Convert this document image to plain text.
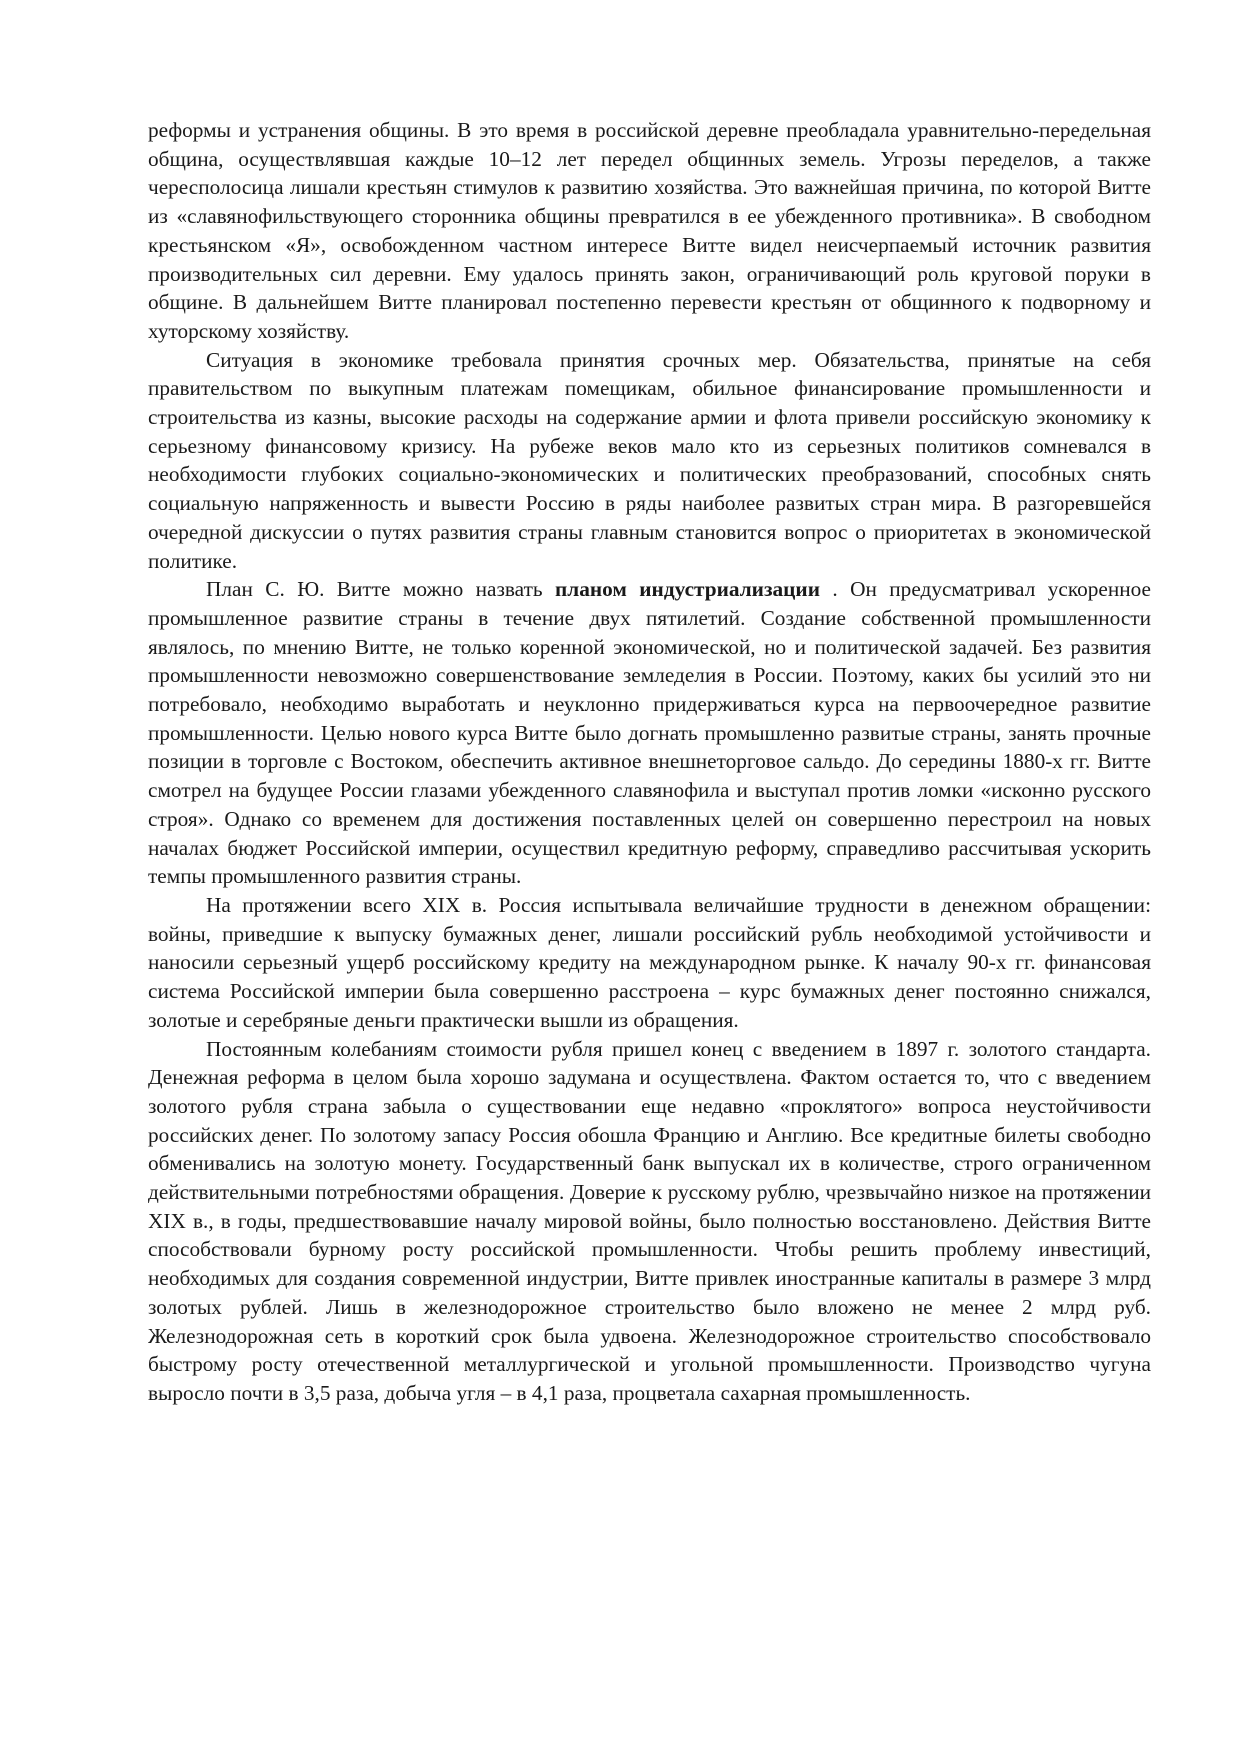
реформы и устранения общины. В это время в российской деревне преобладала уравнительно-передельная община, осуществлявшая каждые 10–12 лет передел общинных земель. Угрозы переделов, а также чересполосица лишали крестьян стимулов к развитию хозяйства. Это важнейшая причина, по которой Витте из «славянофильствующего сторонника общины превратился в ее убежденного противника». В свободном крестьянском «Я», освобожденном частном интересе Витте видел неисчерпаемый источник развития производительных сил деревни. Ему удалось принять закон, ограничивающий роль круговой поруки в общине. В дальнейшем Витте планировал постепенно перевести крестьян от общинного к подворному и хуторскому хозяйству.

Ситуация в экономике требовала принятия срочных мер. Обязательства, принятые на себя правительством по выкупным платежам помещикам, обильное финансирование промышленности и строительства из казны, высокие расходы на содержание армии и флота привели российскую экономику к серьезному финансовому кризису. На рубеже веков мало кто из серьезных политиков сомневался в необходимости глубоких социально-экономических и политических преобразований, способных снять социальную напряженность и вывести Россию в ряды наиболее развитых стран мира. В разгоревшейся очередной дискуссии о путях развития страны главным становится вопрос о приоритетах в экономической политике.

План С. Ю. Витте можно назвать планом индустриализации . Он предусматривал ускоренное промышленное развитие страны в течение двух пятилетий. Создание собственной промышленности являлось, по мнению Витте, не только коренной экономической, но и политической задачей. Без развития промышленности невозможно совершенствование земледелия в России. Поэтому, каких бы усилий это ни потребовало, необходимо выработать и неуклонно придерживаться курса на первоочередное развитие промышленности. Целью нового курса Витте было догнать промышленно развитые страны, занять прочные позиции в торговле с Востоком, обеспечить активное внешнеторговое сальдо. До середины 1880-х гг. Витте смотрел на будущее России глазами убежденного славянофила и выступал против ломки «исконно русского строя». Однако со временем для достижения поставленных целей он совершенно перестроил на новых началах бюджет Российской империи, осуществил кредитную реформу, справедливо рассчитывая ускорить темпы промышленного развития страны.

На протяжении всего XIX в. Россия испытывала величайшие трудности в денежном обращении: войны, приведшие к выпуску бумажных денег, лишали российский рубль необходимой устойчивости и наносили серьезный ущерб российскому кредиту на международном рынке. К началу 90-х гг. финансовая система Российской империи была совершенно расстроена – курс бумажных денег постоянно снижался, золотые и серебряные деньги практически вышли из обращения.

Постоянным колебаниям стоимости рубля пришел конец с введением в 1897 г. золотого стандарта. Денежная реформа в целом была хорошо задумана и осуществлена. Фактом остается то, что с введением золотого рубля страна забыла о существовании еще недавно «проклятого» вопроса неустойчивости российских денег. По золотому запасу Россия обошла Францию и Англию. Все кредитные билеты свободно обменивались на золотую монету. Государственный банк выпускал их в количестве, строго ограниченном действительными потребностями обращения. Доверие к русскому рублю, чрезвычайно низкое на протяжении XIX в., в годы, предшествовавшие началу мировой войны, было полностью восстановлено. Действия Витте способствовали бурному росту российской промышленности. Чтобы решить проблему инвестиций, необходимых для создания современной индустрии, Витте привлек иностранные капиталы в размере 3 млрд золотых рублей. Лишь в железнодорожное строительство было вложено не менее 2 млрд руб. Железнодорожная сеть в короткий срок была удвоена. Железнодорожное строительство способствовало быстрому росту отечественной металлургической и угольной промышленности. Производство чугуна выросло почти в 3,5 раза, добыча угля – в 4,1 раза, процветала сахарная промышленность.
